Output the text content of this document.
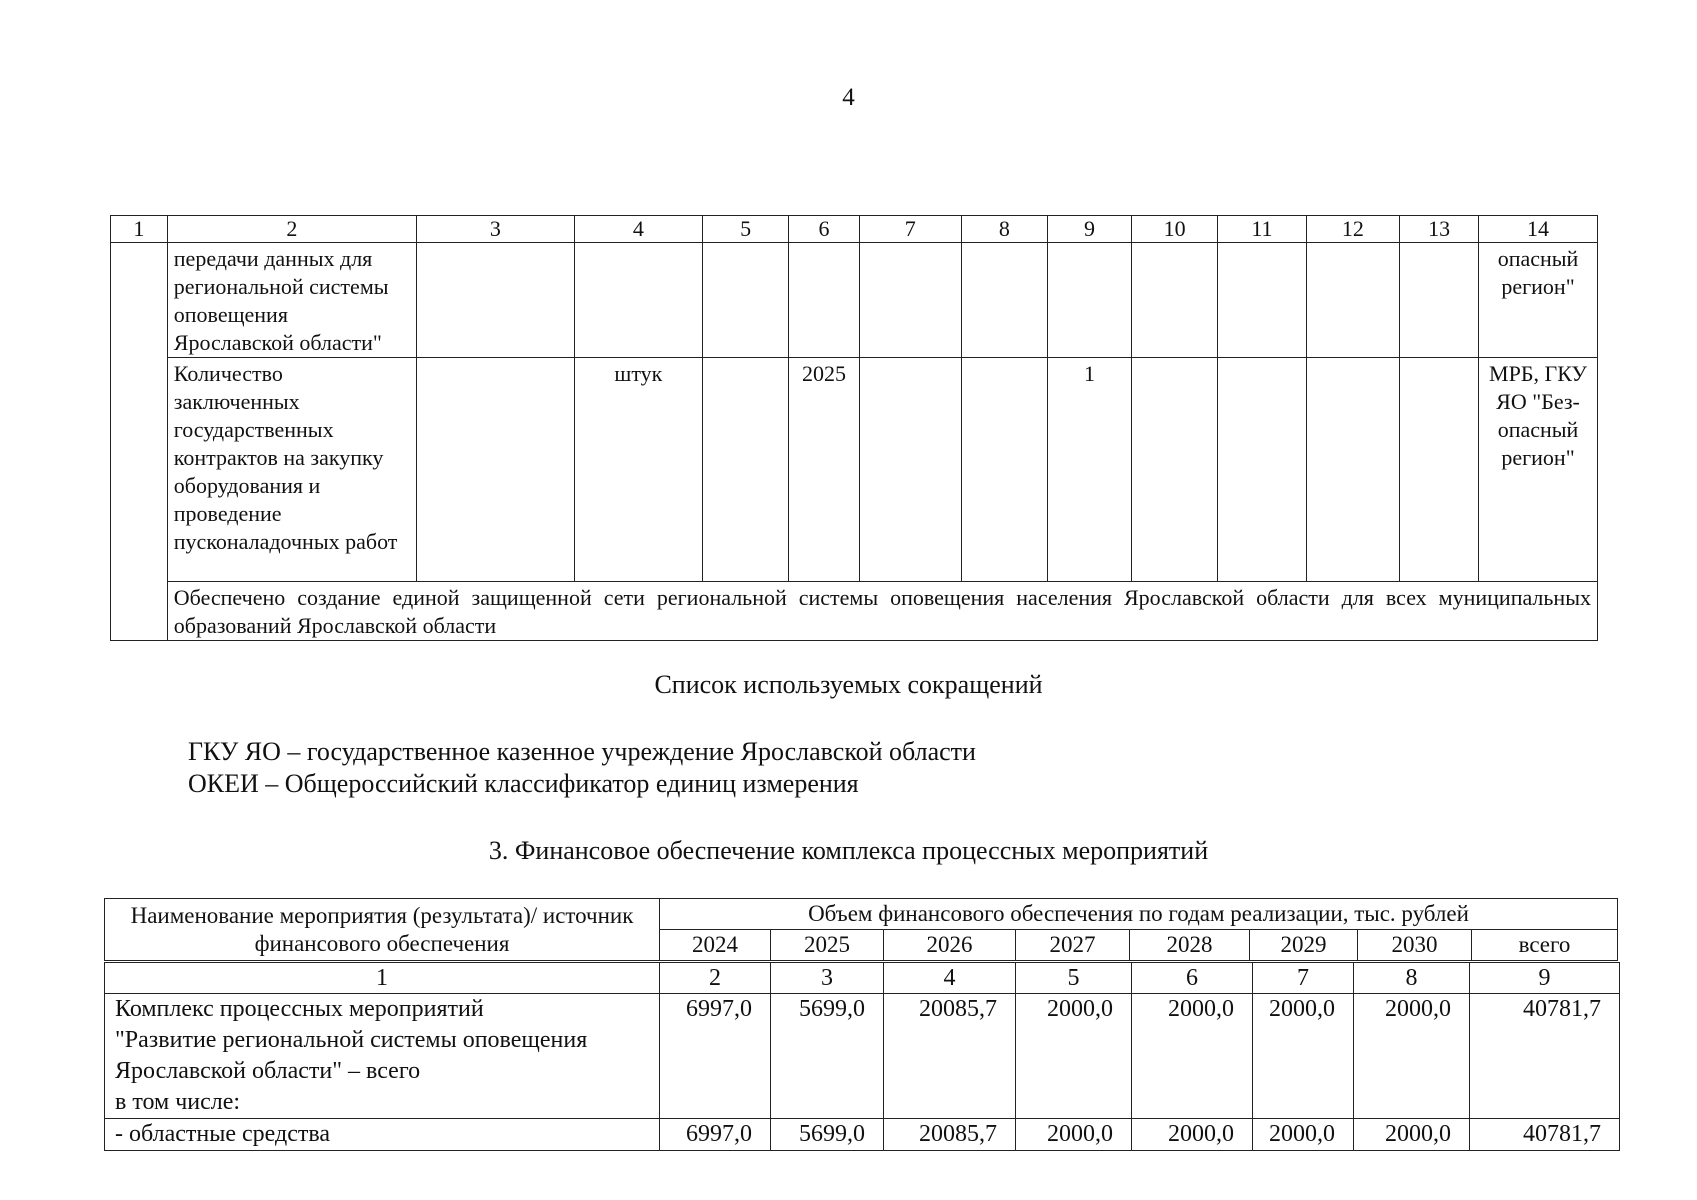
4
1	2	3	4	5	6	7	8	9	10	11	12	13	14
	передачи данных для региональной системы оповещения Ярославской области"												опасный регион"
	Количество заключенных государственных контрактов на закупку оборудования и проведение пусконаладочных работ		штук		2025			1					МРБ, ГКУ ЯО "Без-опасный регион"
	Обеспечено создание единой защищенной сети региональной системы оповещения населения Ярославской области для всех муниципальных образований Ярославской области												
Список используемых сокращений
ГКУ ЯО – государственное казенное учреждение Ярославской области
ОКЕИ – Общероссийский классификатор единиц измерения
3. Финансовое обеспечение комплекса процессных мероприятий
Наименование мероприятия (результата)/ источник финансового обеспечения	Объем финансового обеспечения по годам реализации, тыс. рублей							
	2024	2025	2026	2027	2028	2029	2030	всего
1	2	3	4	5	6	7	8	9

Комплекс процессных мероприятий
"Развитие региональной системы оповещения
Ярославской области" – всего
в том числе:	6997,0	5699,0	20085,7	2000,0	2000,0	2000,0	2000,0	40781,7

- областные средства	6997,0	5699,0	20085,7	2000,0	2000,0	2000,0	2000,0	40781,7
